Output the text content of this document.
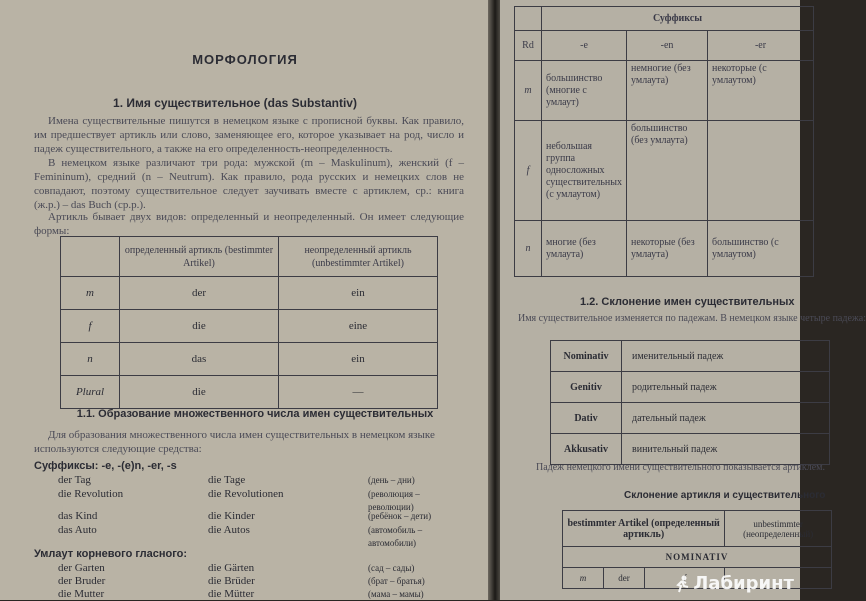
МОРФОЛОГИЯ
1. Имя существительное (das Substantiv)
Имена существительные пишутся в немецком языке с прописной буквы. Как правило, им предшествует артикль или слово, заменяющее его, которое указывает на род, число и падеж существительного, а также на его определенность-неопределенность.
В немецком языке различают три рода: мужской (m – Maskulinum), женский (f – Femininum), средний (n – Neutrum). Как правило, рода русских и немецких слов не совпадают, поэтому существительное следует заучивать вместе с артиклем, ср.: книга (ж.р.) – das Buch (ср.р.).
Артикль бывает двух видов: определенный и неопределенный. Он имеет следующие формы:
	определенный артикль (bestimmter Artikel)	неопределенный артикль (unbestimmter Artikel)
m	der	ein
f	die	eine
n	das	ein
Plural	die	—
1.1. Образование множественного числа имен существительных
Для образования множественного числа имен существительных в немецком языке используются следующие средства:
Суффиксы: -e, -(e)n, -er, -s
der Tag	die Tage	(день – дни)
die Revolution	die Revolutionen	(революция – революции)
das Kind	die Kinder	(ребёнок – дети)
das Auto	die Autos	(автомобиль – автомобили)
Умлаут корневого гласного:
der Garten	die Gärten	(сад – сады)
der Bruder	die Brüder	(брат – братья)
die Mutter	die Mütter	(мама – мамы)
	Суффиксы		
Rd	-e	-en	-er
m	большинство (многие с умлаут)	немногие (без умлаута)	некоторые (с умлаутом)
f	небольшая группа односложных существительных (с умлаутом)	большинство (без умлаута)	
n	многие (без умлаута)	некоторые (без умлаута)	большинство (с умлаутом)
1.2. Склонение имен существительных
Имя существительное изменяется по падежам. В немецком языке четыре падежа:
Nominativ	именительный падеж
Genitiv	родительный падеж
Dativ	дательный падеж
Akkusativ	винительный падеж
Падеж немецкого имени существительного показывается артиклем.
Склонение артикля и существительного
bestimmter Artikel (определенный артикль)			unbestimmter (неопределенный)
NOMINATIV			
m	der			Лабиринт
